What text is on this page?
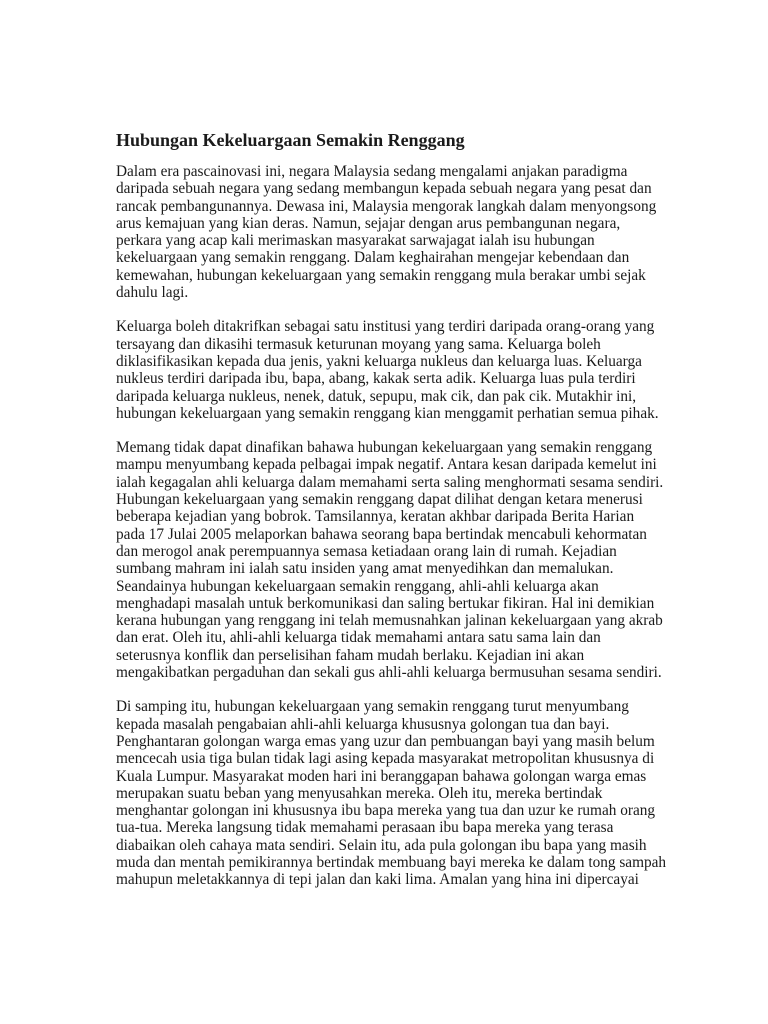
Hubungan Kekeluargaan Semakin Renggang

Dalam era pascainovasi ini, negara Malaysia sedang mengalami anjakan paradigma
daripada sebuah negara yang sedang membangun kepada sebuah negara yang pesat dan
rancak pembangunannya. Dewasa ini, Malaysia mengorak langkah dalam menyongsong
arus kemajuan yang kian deras. Namun, sejajar dengan arus pembangunan negara,
perkara yang acap kali merimaskan masyarakat sarwajagat ialah isu hubungan
kekeluargaan yang semakin renggang. Dalam keghairahan mengejar kebendaan dan
kemewahan, hubungan kekeluargaan yang semakin renggang mula berakar umbi sejak
dahulu lagi.

Keluarga boleh ditakrifkan sebagai satu institusi yang terdiri daripada orang-orang yang
tersayang dan dikasihi termasuk keturunan moyang yang sama. Keluarga boleh
diklasifikasikan kepada dua jenis, yakni keluarga nukleus dan keluarga luas. Keluarga
nukleus terdiri daripada ibu, bapa, abang, kakak serta adik. Keluarga luas pula terdiri
daripada keluarga nukleus, nenek, datuk, sepupu, mak cik, dan pak cik. Mutakhir ini,
hubungan kekeluargaan yang semakin renggang kian menggamit perhatian semua pihak.

Memang tidak dapat dinafikan bahawa hubungan kekeluargaan yang semakin renggang
mampu menyumbang kepada pelbagai impak negatif. Antara kesan daripada kemelut ini
ialah kegagalan ahli keluarga dalam memahami serta saling menghormati sesama sendiri.
Hubungan kekeluargaan yang semakin renggang dapat dilihat dengan ketara menerusi
beberapa kejadian yang bobrok. Tamsilannya, keratan akhbar daripada Berita Harian
pada 17 Julai 2005 melaporkan bahawa seorang bapa bertindak mencabuli kehormatan
dan merogol anak perempuannya semasa ketiadaan orang lain di rumah. Kejadian
sumbang mahram ini ialah satu insiden yang amat menyedihkan dan memalukan.
Seandainya hubungan kekeluargaan semakin renggang, ahli-ahli keluarga akan
menghadapi masalah untuk berkomunikasi dan saling bertukar fikiran. Hal ini demikian
kerana hubungan yang renggang ini telah memusnahkan jalinan kekeluargaan yang akrab
dan erat. Oleh itu, ahli-ahli keluarga tidak memahami antara satu sama lain dan
seterusnya konflik dan perselisihan faham mudah berlaku. Kejadian ini akan
mengakibatkan pergaduhan dan sekali gus ahli-ahli keluarga bermusuhan sesama sendiri.

Di samping itu, hubungan kekeluargaan yang semakin renggang turut menyumbang
kepada masalah pengabaian ahli-ahli keluarga khususnya golongan tua dan bayi.
Penghantaran golongan warga emas yang uzur dan pembuangan bayi yang masih belum
mencecah usia tiga bulan tidak lagi asing kepada masyarakat metropolitan khususnya di
Kuala Lumpur. Masyarakat moden hari ini beranggapan bahawa golongan warga emas
merupakan suatu beban yang menyusahkan mereka. Oleh itu, mereka bertindak
menghantar golongan ini khususnya ibu bapa mereka yang tua dan uzur ke rumah orang
tua-tua. Mereka langsung tidak memahami perasaan ibu bapa mereka yang terasa
diabaikan oleh cahaya mata sendiri. Selain itu, ada pula golongan ibu bapa yang masih
muda dan mentah pemikirannya bertindak membuang bayi mereka ke dalam tong sampah
mahupun meletakkannya di tepi jalan dan kaki lima. Amalan yang hina ini dipercayai
